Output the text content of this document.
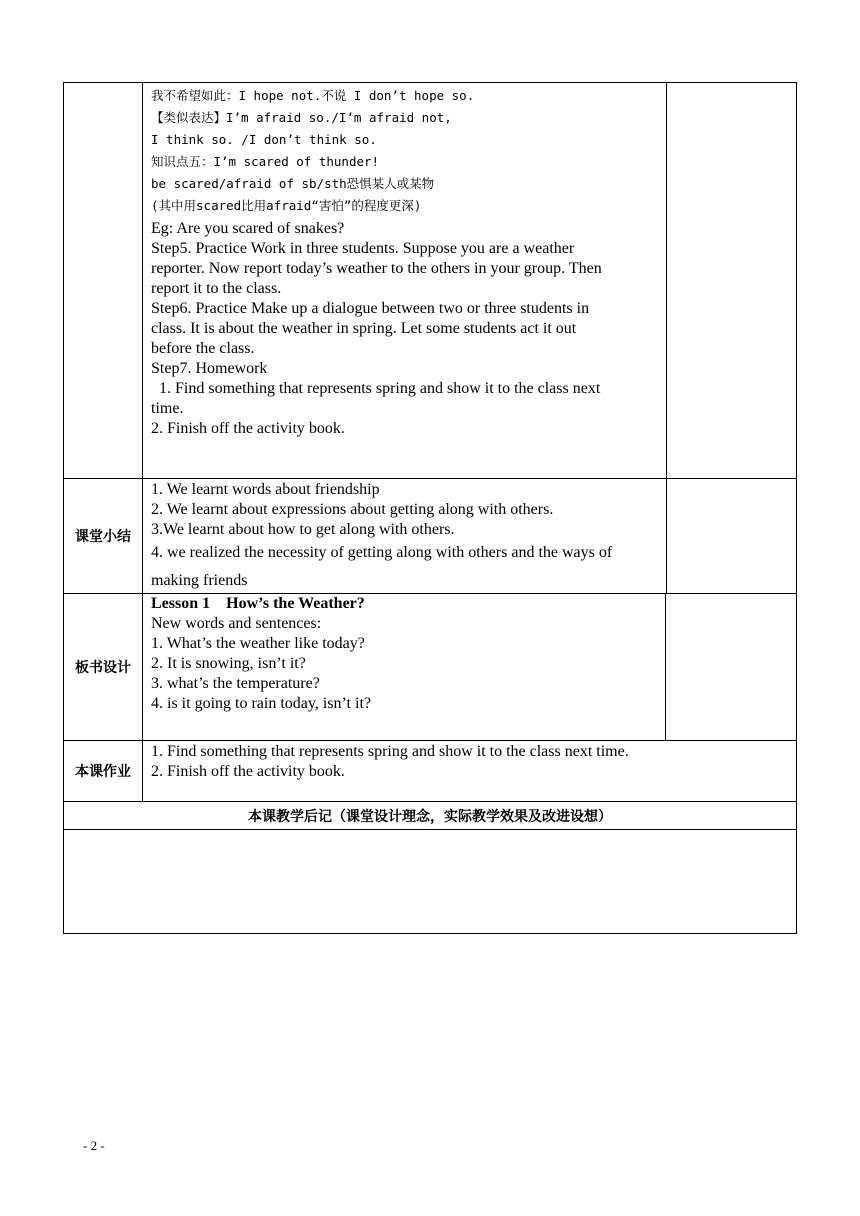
我不希望如此：I hope not.不说 I don’t hope so.
【类似表达】I’m afraid so./I’m afraid not,
I think so. /I don’t think so.
知识点五：I’m scared of thunder!
be scared/afraid of sb/sth恐惧某人或某物
(其中用scared比用afraid“害怕”的程度更深)
Eg: Are you scared of snakes?
Step5. Practice Work in three students. Suppose you are a weather
reporter. Now report today’s weather to the others in your group. Then
report it to the class.
Step6. Practice Make up a dialogue between two or three students in
class. It is about the weather in spring. Let some students act it out
before the class.
Step7. Homework
1. Find something that represents spring and show it to the class next
time.
2. Finish off the activity book.
课堂小结
1. We learnt words about friendship
2. We learnt about expressions about getting along with others.
3.We learnt about how to get along with others.
4. we realized the necessity of getting along with others and the ways of
making friends
板书设计
Lesson 1    How’s the Weather?
New words and sentences:
1. What’s the weather like today?
2. It is snowing, isn’t it?
3. what’s the temperature?
4. is it going to rain today, isn’t it?
本课作业
1. Find something that represents spring and show it to the class next time.
2. Finish off the activity book.
本课教学后记（课堂设计理念，实际教学效果及改进设想）
- 2 -
